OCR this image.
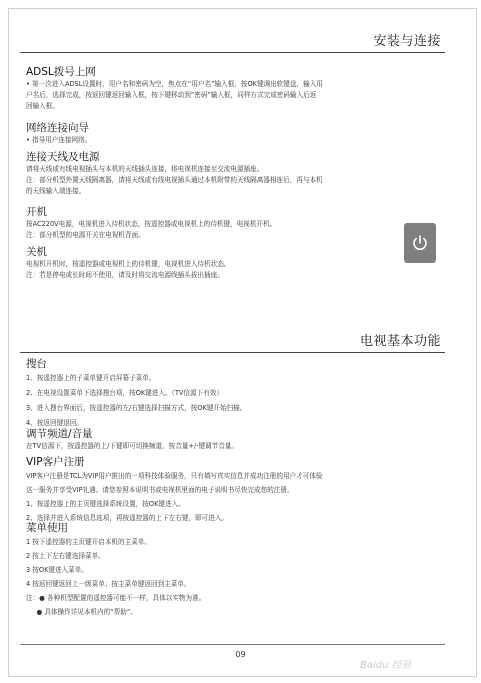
安装与连接

ADSL拨号上网

• 第一次进入ADSL设置时，用户名和密码为空，焦点在“用户名”输入框，按OK键调出软键盘，输入用

户名后，选择完成，按返回键返回输入框，按下键移动到“密码”输入框，同样方式完成密码输入后返

回输入框。

网络连接向导

• 指导用户连接网络。

连接天线及电源

请将天线或有线电视插头与本机的天线插头连接，将电视机连接至交流电源插座。

注：部分机型外置天线隔离器，请将天线或有线电视插头通过本机附带的天线隔离器相连后，再与本机

的天线输入端连接。

开机

按AC220V电源，电视机进入待机状态，按遥控器或电视机上的待机键，电视机开机。

注：部分机型的电源开关在电视机背面。

关机

电视机开机时，按遥控器或电视机上的待机键，电视机进入待机状态。

注：若是停电或长时间不使用，请及时将交流电源线插头拔出插座。

电视基本功能

搜台

1、按遥控器上的子菜单键开启屏幕子菜单。

2、在电视设置菜单下选择搜台项，按OK键进入。（TV信源下有效）

3、进入搜台界面后，按遥控器的左/右键选择扫描方式，按OK键开始扫描。

4、按返回键退回。

调节频道/音量

在TV信源下，按遥控器的上/下键即可切换频道，按音量+/-键调节音量。

VIP客户注册

VIP客户注册是TCL为VIP用户推出的一项科技体验服务，只有填写真实信息并成功注册的用户才可体验

这一服务并享受VIP礼遇。请您参照本说明书或电视机里面的电子说明书尽快完成您的注册。

1、按遥控器上的主页键选择系统设置，按OK键进入。

2、选择并进入系统信息选项，再按遥控器的上下左右键，即可进入。

菜单使用

1 按下遥控器的主页键开启本机的主菜单。

2 按上下左右键选择菜单。

3 按OK键进入菜单。

4 按返回键返回上一级菜单；按主菜单键返回到主菜单。

注：● 各种机型配置的遥控器可能不一样，具体以实物为准。

● 具体操作详见本机内的“帮助”。

09
Baidu 经验
